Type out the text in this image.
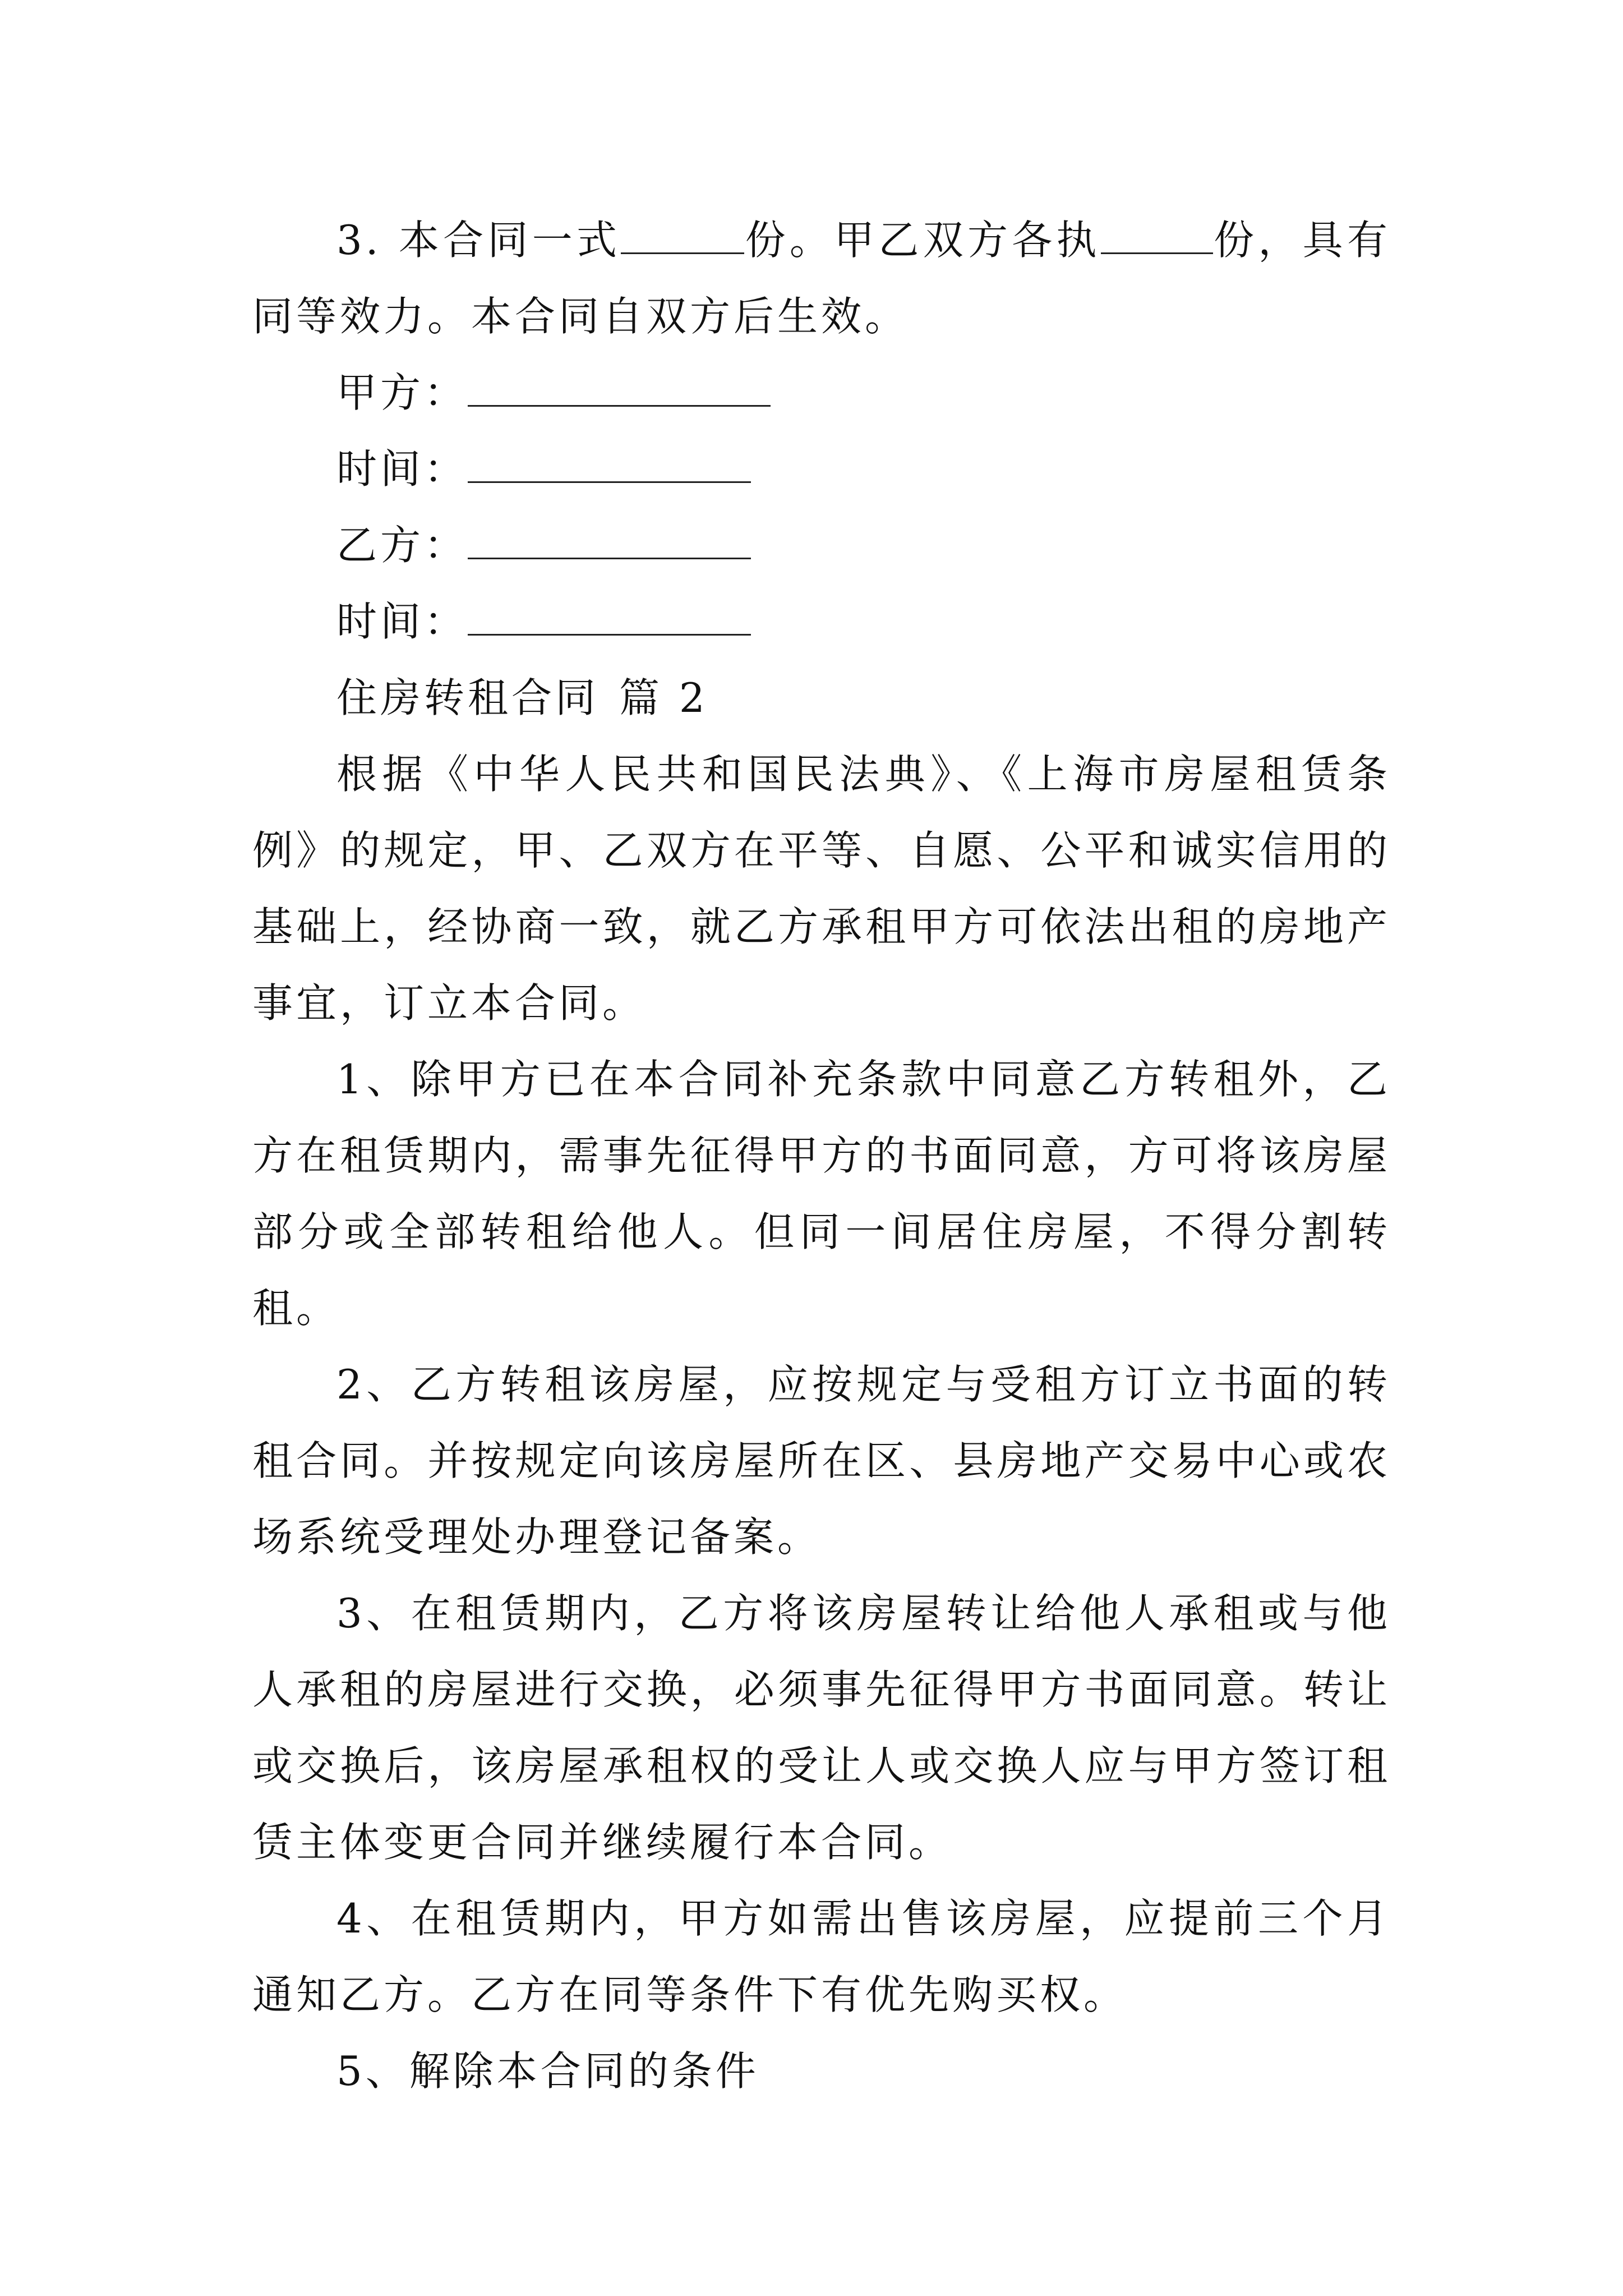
3. 本合同一式	份。甲乙双方各执	份，具有同等效力。本合同自双方后生效。

甲方：
时间：
乙方：
时间：
住房转租合同 篇 2

根据《中华人民共和国民法典》、《上海市房屋租赁条例》的规定，甲、乙双方在平等、自愿、公平和诚实信用的基础上，经协商一致，就乙方承租甲方可依法出租的房地产事宜，订立本合同。

1、除甲方已在本合同补充条款中同意乙方转租外，乙方在租赁期内，需事先征得甲方的书面同意，方可将该房屋部分或全部转租给他人。但同一间居住房屋，不得分割转租。

2、乙方转租该房屋，应按规定与受租方订立书面的转租合同。并按规定向该房屋所在区、县房地产交易中心或农场系统受理处办理登记备案。

3、在租赁期内，乙方将该房屋转让给他人承租或与他人承租的房屋进行交换，必须事先征得甲方书面同意。转让或交换后，该房屋承租权的受让人或交换人应与甲方签订租赁主体变更合同并继续履行本合同。

4、在租赁期内，甲方如需出售该房屋，应提前三个月通知乙方。乙方在同等条件下有优先购买权。

5、解除本合同的条件
